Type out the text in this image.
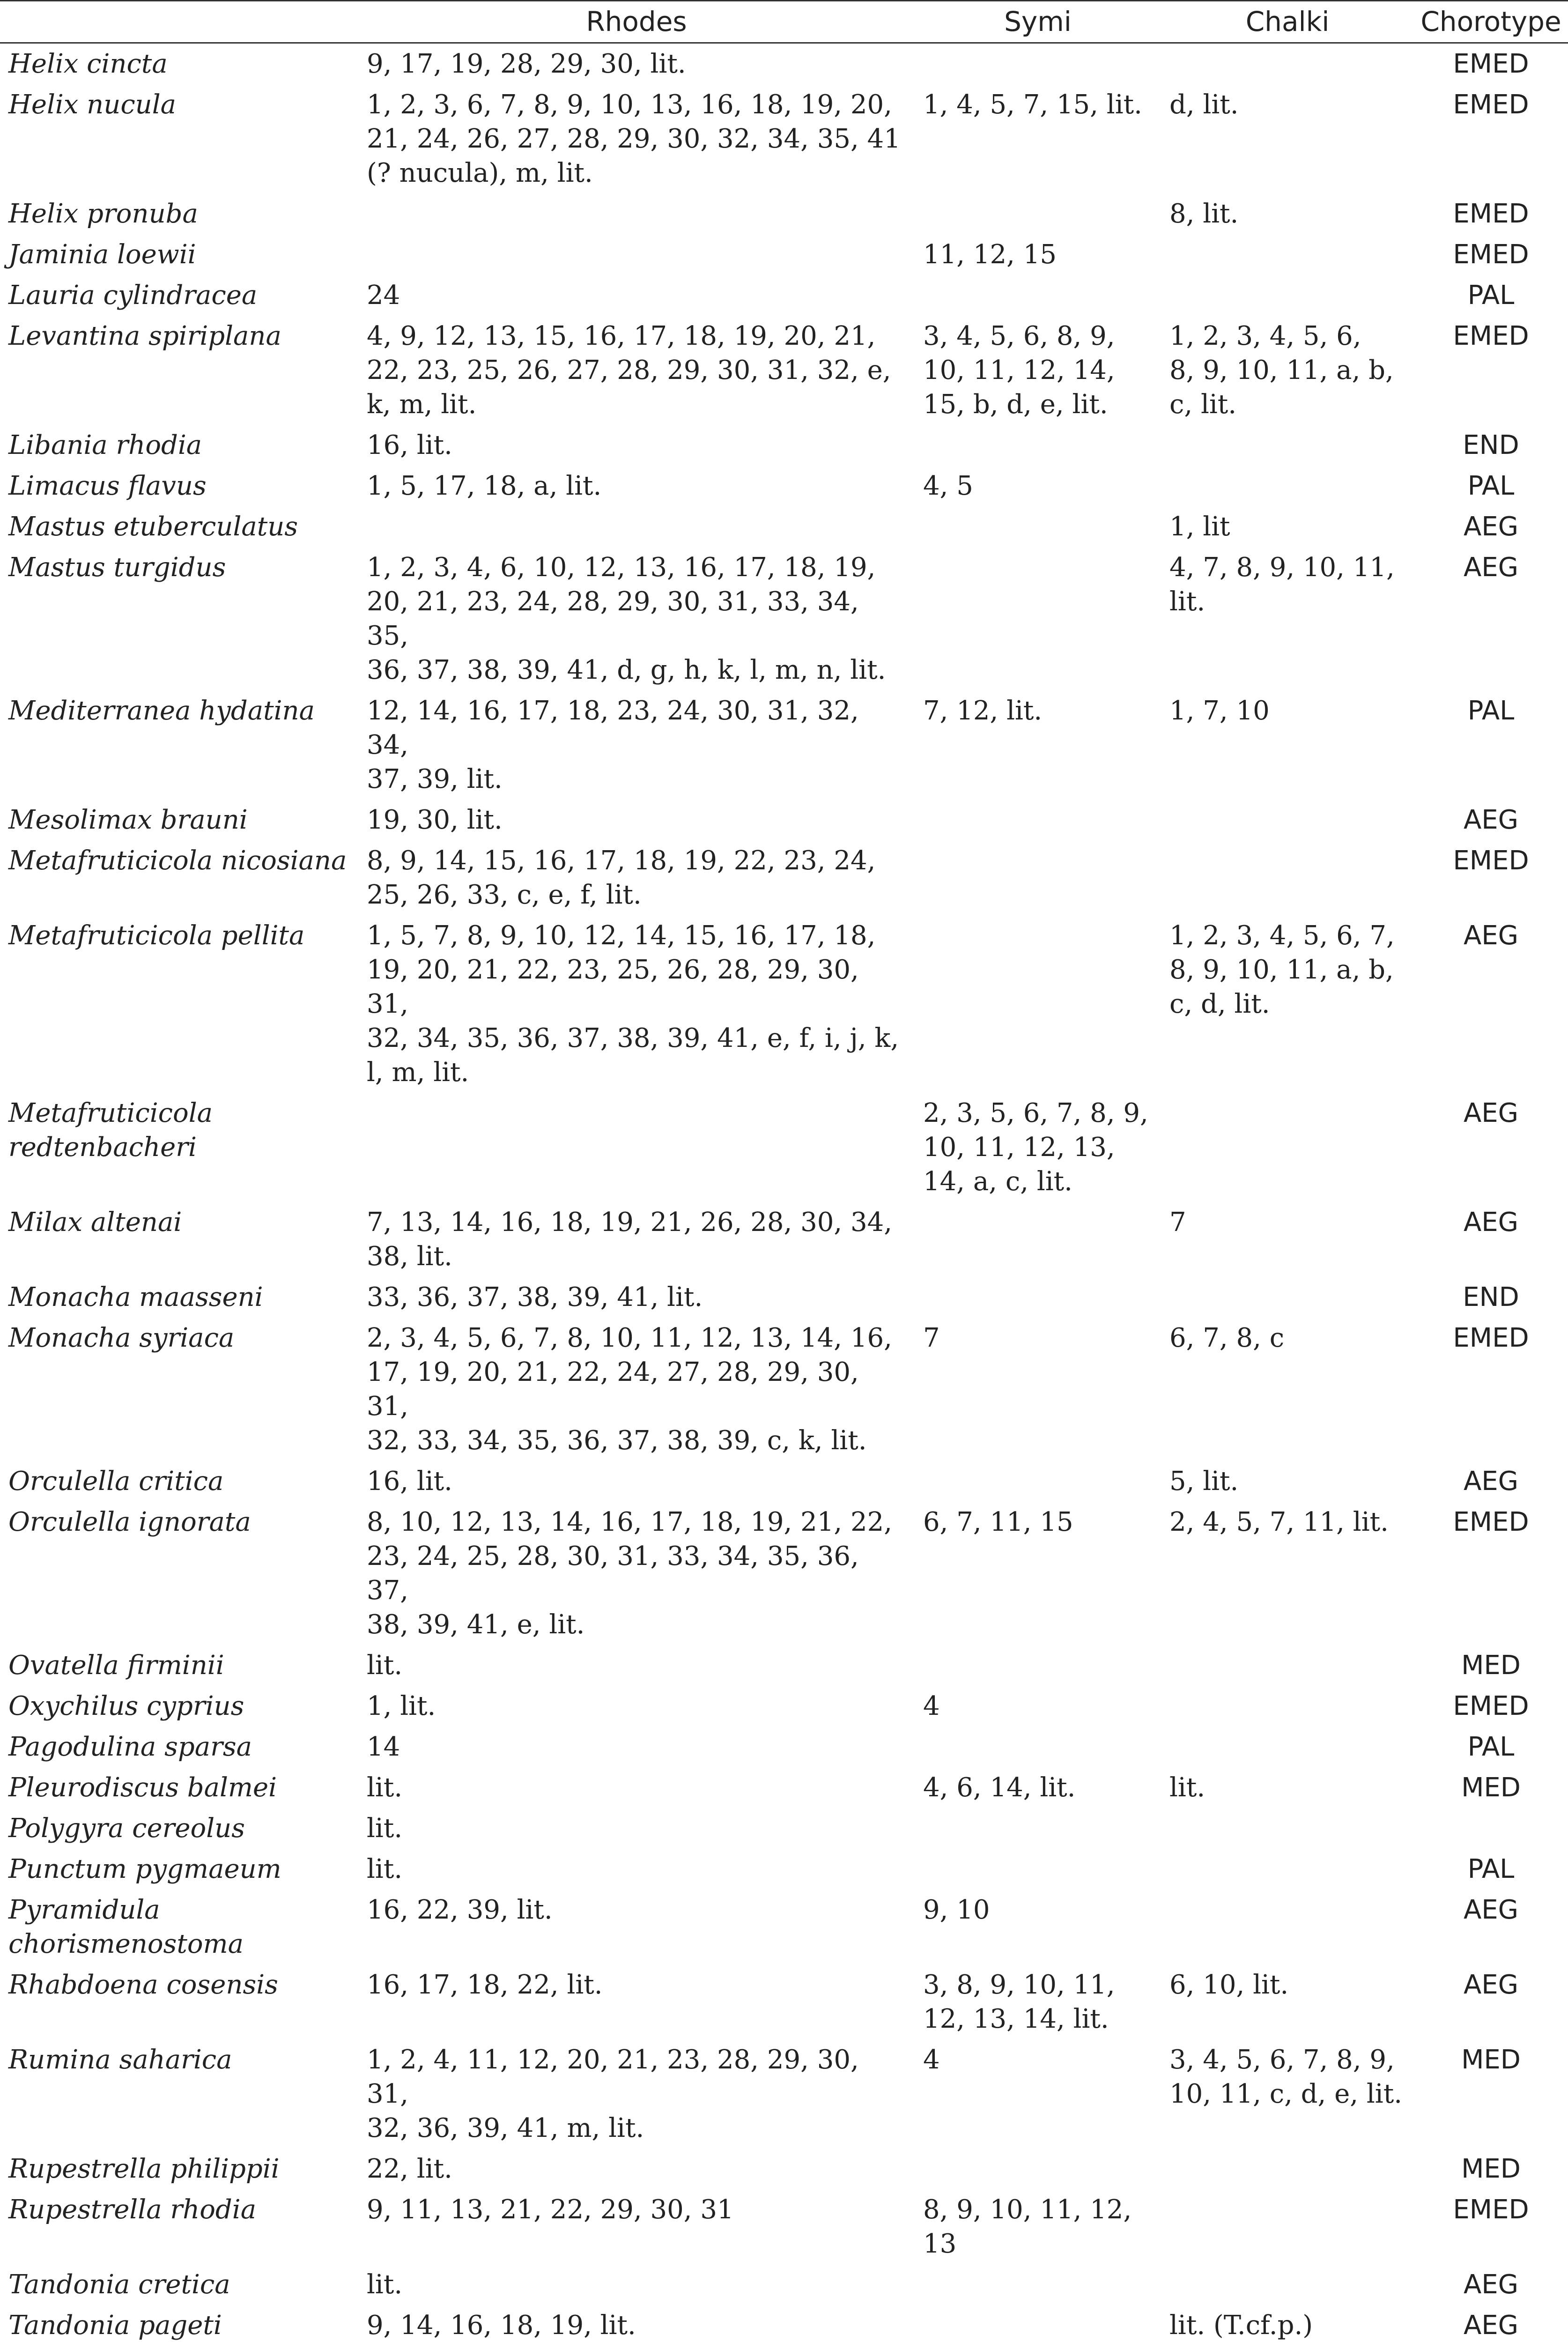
	Rhodes	Symi	Chalki	Chorotype
Helix cincta	9, 17, 19, 28, 29, 30, lit.			EMED
Helix nucula	1, 2, 3, 6, 7, 8, 9, 10, 13, 16, 18, 19, 20,
21, 24, 26, 27, 28, 29, 30, 32, 34, 35, 41
(? nucula), m, lit.	1, 4, 5, 7, 15, lit.	d, lit.	EMED
Helix pronuba			8, lit.	EMED
Jaminia loewii		11, 12, 15		EMED
Lauria cylindracea	24			PAL
Levantina spiriplana	4, 9, 12, 13, 15, 16, 17, 18, 19, 20, 21,
22, 23, 25, 26, 27, 28, 29, 30, 31, 32, e,
k, m, lit.	3, 4, 5, 6, 8, 9,
10, 11, 12, 14,
15, b, d, e, lit.	1, 2, 3, 4, 5, 6,
8, 9, 10, 11, a, b,
c, lit.	EMED
Libania rhodia	16, lit.			END
Limacus flavus	1, 5, 17, 18, a, lit.	4, 5		PAL
Mastus etuberculatus			1, lit	AEG
Mastus turgidus	1, 2, 3, 4, 6, 10, 12, 13, 16, 17, 18, 19,
20, 21, 23, 24, 28, 29, 30, 31, 33, 34, 35,
36, 37, 38, 39, 41, d, g, h, k, l, m, n, lit.		4, 7, 8, 9, 10, 11,
lit.	AEG
Mediterranea hydatina	12, 14, 16, 17, 18, 23, 24, 30, 31, 32, 34,
37, 39, lit.	7, 12, lit.	1, 7, 10	PAL
Mesolimax brauni	19, 30, lit.			AEG
Metafruticicola nicosiana	8, 9, 14, 15, 16, 17, 18, 19, 22, 23, 24,
25, 26, 33, c, e, f, lit.			EMED
Metafruticicola pellita	1, 5, 7, 8, 9, 10, 12, 14, 15, 16, 17, 18,
19, 20, 21, 22, 23, 25, 26, 28, 29, 30, 31,
32, 34, 35, 36, 37, 38, 39, 41, e, f, i, j, k,
l, m, lit.		1, 2, 3, 4, 5, 6, 7,
8, 9, 10, 11, a, b,
c, d, lit.	AEG
Metafruticicola redtenbacheri		2, 3, 5, 6, 7, 8, 9,
10, 11, 12, 13,
14, a, c, lit.		AEG
Milax altenai	7, 13, 14, 16, 18, 19, 21, 26, 28, 30, 34,
38, lit.		7	AEG
Monacha maasseni	33, 36, 37, 38, 39, 41, lit.			END
Monacha syriaca	2, 3, 4, 5, 6, 7, 8, 10, 11, 12, 13, 14, 16,
17, 19, 20, 21, 22, 24, 27, 28, 29, 30, 31,
32, 33, 34, 35, 36, 37, 38, 39, c, k, lit.	7	6, 7, 8, c	EMED
Orculella critica	16, lit.		5, lit.	AEG
Orculella ignorata	8, 10, 12, 13, 14, 16, 17, 18, 19, 21, 22,
23, 24, 25, 28, 30, 31, 33, 34, 35, 36, 37,
38, 39, 41, e, lit.	6, 7, 11, 15	2, 4, 5, 7, 11, lit.	EMED
Ovatella firminii	lit.			MED
Oxychilus cyprius	1, lit.	4		EMED
Pagodulina sparsa	14			PAL
Pleurodiscus balmei	lit.	4, 6, 14, lit.	lit.	MED
Polygyra cereolus	lit.			
Punctum pygmaeum	lit.			PAL
Pyramidula chorismenostoma	16, 22, 39, lit.	9, 10		AEG
Rhabdoena cosensis	16, 17, 18, 22, lit.	3, 8, 9, 10, 11,
12, 13, 14, lit.	6, 10, lit.	AEG
Rumina saharica	1, 2, 4, 11, 12, 20, 21, 23, 28, 29, 30, 31,
32, 36, 39, 41, m, lit.	4	3, 4, 5, 6, 7, 8, 9,
10, 11, c, d, e, lit.	MED
Rupestrella philippii	22, lit.			MED
Rupestrella rhodia	9, 11, 13, 21, 22, 29, 30, 31	8, 9, 10, 11, 12,
13		EMED
Tandonia cretica	lit.			AEG
Tandonia pageti	9, 14, 16, 18, 19, lit.		lit. (T.cf.p.)	AEG
